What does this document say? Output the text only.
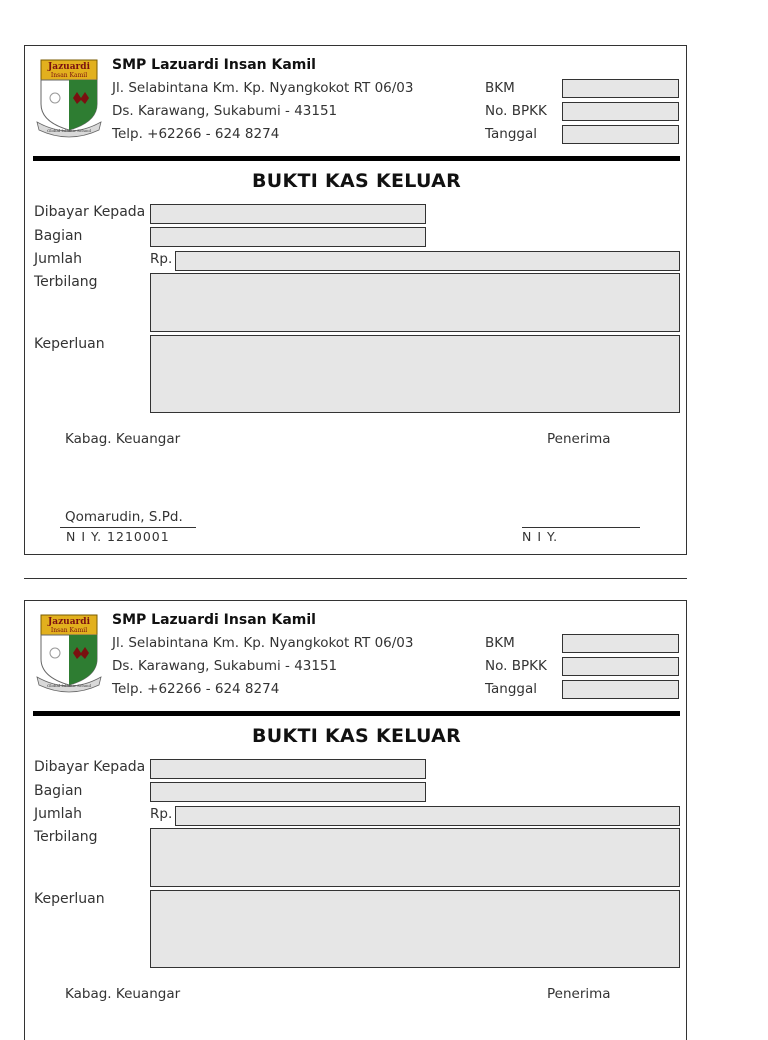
Jazuardi
Insan Kamil
Global Islamic School
SMP Lazuardi Insan Kamil
Jl. Selabintana Km. Kp. Nyangkokot RT 06/03
Ds. Karawang, Sukabumi - 43151
Telp. +62266 - 624 8274
BKM
No. BPKK
Tanggal
BUKTI KAS KELUAR
Dibayar Kepada
Bagian
Jumlah	Rp.
Terbilang
Keperluan
Kabag. Keuangar	Penerima
Qomarudin, S.Pd.
N I Y. 1210001	N I Y.
Jazuardi
Insan Kamil
Global Islamic School
SMP Lazuardi Insan Kamil
Jl. Selabintana Km. Kp. Nyangkokot RT 06/03
Ds. Karawang, Sukabumi - 43151
Telp. +62266 - 624 8274
BKM
No. BPKK
Tanggal
BUKTI KAS KELUAR
Dibayar Kepada
Bagian
Jumlah	Rp.
Terbilang
Keperluan
Kabag. Keuangar	Penerima
